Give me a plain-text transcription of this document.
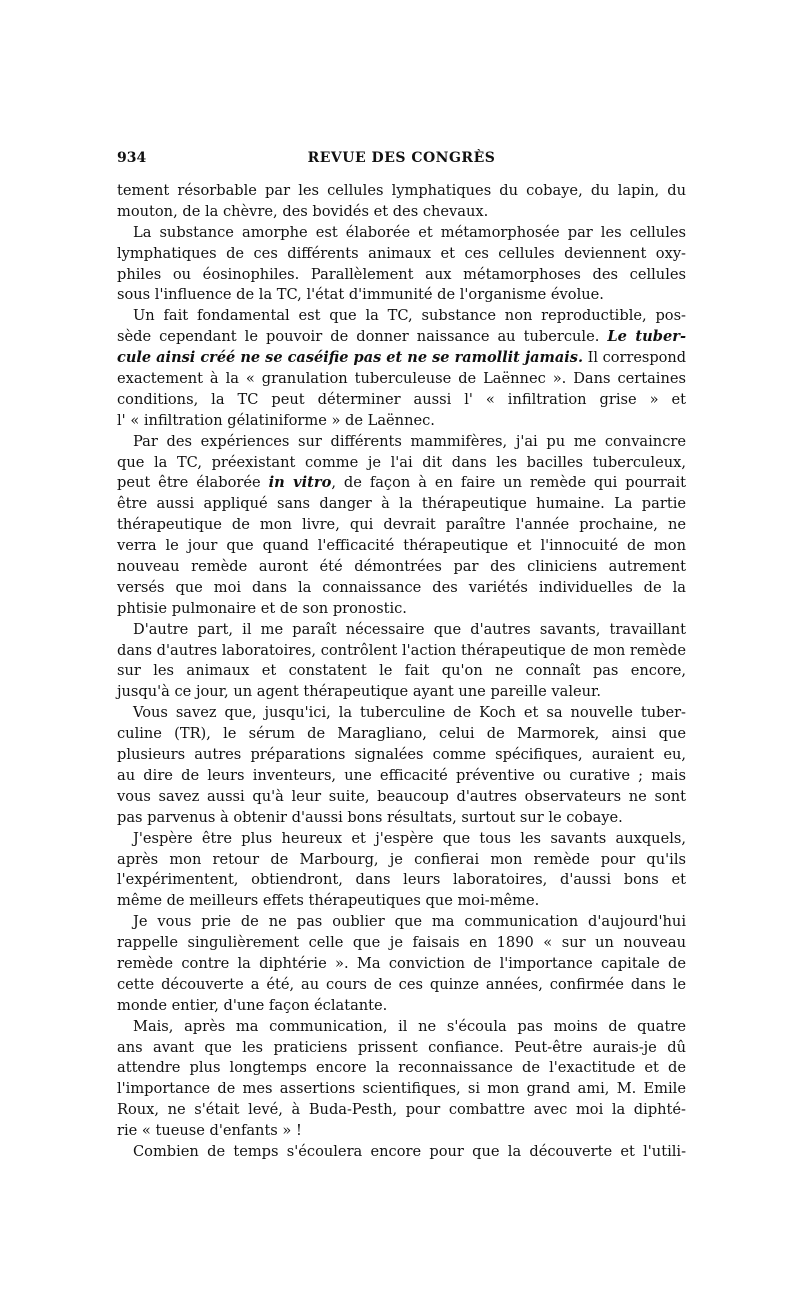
934	REVUE DES CONGRÈS

tement résorbable par les cellules lymphatiques du cobaye, du lapin, du
mouton, de la chèvre, des bovidés et des chevaux.

La substance amorphe est élaborée et métamorphosée par les cellules
lymphatiques de ces différents animaux et ces cellules deviennent oxy-
philes ou éosinophiles. Parallèlement aux métamorphoses des cellules
sous l'influence de la TC, l'état d'immunité de l'organisme évolue.

Un fait fondamental est que la TC, substance non reproductible, pos-
sède cependant le pouvoir de donner naissance au tubercule. Le tuber-
cule ainsi créé ne se caséifie pas et ne se ramollit jamais. Il correspond
exactement à la « granulation tuberculeuse de Laënnec ». Dans certaines
conditions, la TC peut déterminer aussi l' « infiltration grise » et
l' « infiltration gélatiniforme » de Laënnec.

Par des expériences sur différents mammifères, j'ai pu me convaincre
que la TC, préexistant comme je l'ai dit dans les bacilles tuberculeux,
peut être élaborée in vitro, de façon à en faire un remède qui pourrait
être aussi appliqué sans danger à la thérapeutique humaine. La partie
thérapeutique de mon livre, qui devrait paraître l'année prochaine, ne
verra le jour que quand l'efficacité thérapeutique et l'innocuité de mon
nouveau remède auront été démontrées par des cliniciens autrement
versés que moi dans la connaissance des variétés individuelles de la
phtisie pulmonaire et de son pronostic.

D'autre part, il me paraît nécessaire que d'autres savants, travaillant
dans d'autres laboratoires, contrôlent l'action thérapeutique de mon remède
sur les animaux et constatent le fait qu'on ne connaît pas encore,
jusqu'à ce jour, un agent thérapeutique ayant une pareille valeur.

Vous savez que, jusqu'ici, la tuberculine de Koch et sa nouvelle tuber-
culine (TR), le sérum de Maragliano, celui de Marmorek, ainsi que
plusieurs autres préparations signalées comme spécifiques, auraient eu,
au dire de leurs inventeurs, une efficacité préventive ou curative ; mais
vous savez aussi qu'à leur suite, beaucoup d'autres observateurs ne sont
pas parvenus à obtenir d'aussi bons résultats, surtout sur le cobaye.

J'espère être plus heureux et j'espère que tous les savants auxquels,
après mon retour de Marbourg, je confierai mon remède pour qu'ils
l'expérimentent, obtiendront, dans leurs laboratoires, d'aussi bons et
même de meilleurs effets thérapeutiques que moi-même.

Je vous prie de ne pas oublier que ma communication d'aujourd'hui
rappelle singulièrement celle que je faisais en 1890 « sur un nouveau
remède contre la diphtérie ». Ma conviction de l'importance capitale de
cette découverte a été, au cours de ces quinze années, confirmée dans le
monde entier, d'une façon éclatante.

Mais, après ma communication, il ne s'écoula pas moins de quatre
ans avant que les praticiens prissent confiance. Peut-être aurais-je dû
attendre plus longtemps encore la reconnaissance de l'exactitude et de
l'importance de mes assertions scientifiques, si mon grand ami, M. Emile
Roux, ne s'était levé, à Buda-Pesth, pour combattre avec moi la diphté-
rie « tueuse d'enfants » !

Combien de temps s'écoulera encore pour que la découverte et l'utili-
